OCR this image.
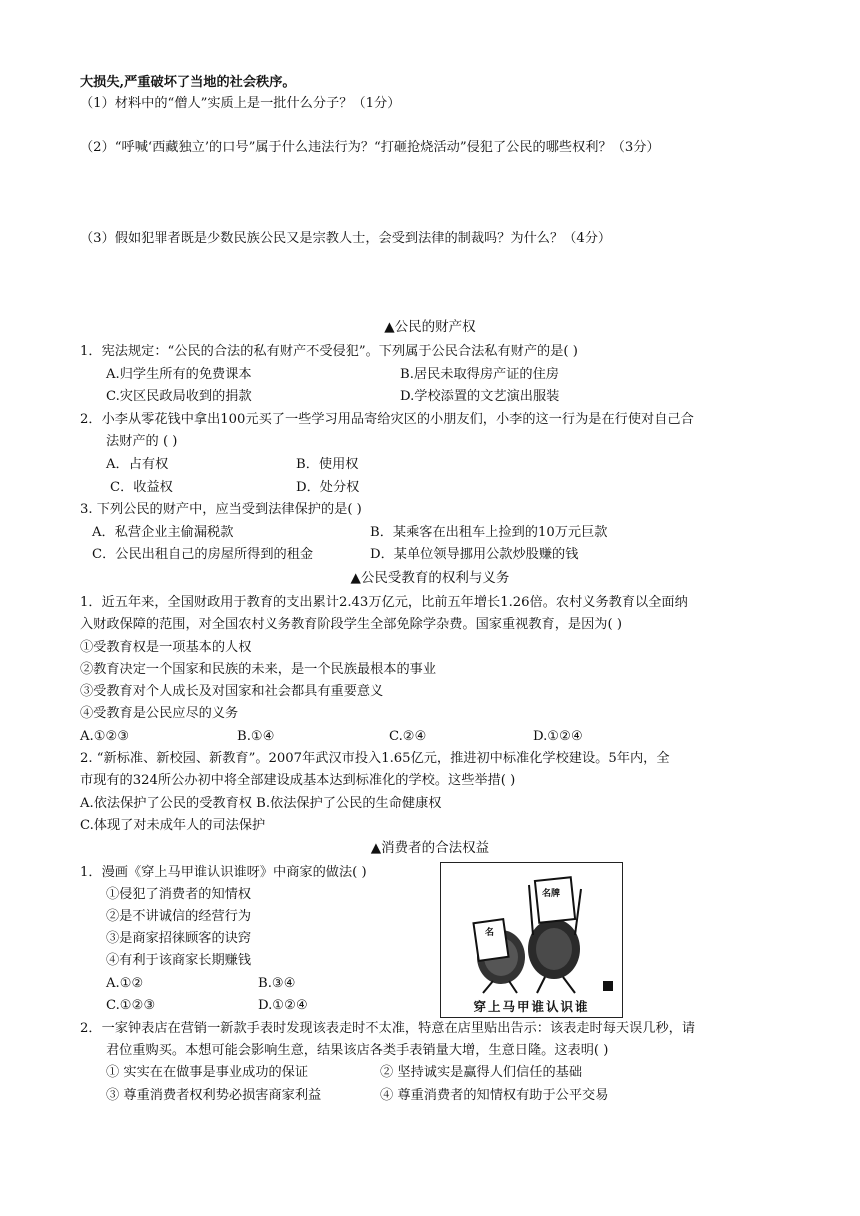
大损失,严重破坏了当地的社会秩序。
（1）材料中的“僧人”实质上是一批什么分子？（1分）
（2）“呼喊‘西藏独立’的口号”属于什么违法行为？“打砸抢烧活动”侵犯了公民的哪些权利？（3分）
（3）假如犯罪者既是少数民族公民又是宗教人士，会受到法律的制裁吗？为什么？（4分）
▲公民的财产权
1．宪法规定：“公民的合法的私有财产不受侵犯”。下列属于公民合法私有财产的是( )
A.归学生所有的免费课本	B.居民未取得房产证的住房
C.灾区民政局收到的捐款	D.学校添置的文艺演出服装
2．小李从零花钱中拿出100元买了一些学习用品寄给灾区的小朋友们，小李的这一行为是在行使对自己合
法财产的 ( )
A．占有权	B．使用权
C．收益权	D．处分权
3. 下列公民的财产中，应当受到法律保护的是( )
A．私营企业主偷漏税款	B．某乘客在出租车上捡到的10万元巨款
C．公民出租自己的房屋所得到的租金	D．某单位领导挪用公款炒股赚的钱
▲公民受教育的权利与义务
1．近五年来，全国财政用于教育的支出累计2.43万亿元，比前五年增长1.26倍。农村义务教育以全面纳
入财政保障的范围，对全国农村义务教育阶段学生全部免除学杂费。国家重视教育，是因为( )
①受教育权是一项基本的人权
②教育决定一个国家和民族的未来，是一个民族最根本的事业
③受教育对个人成长及对国家和社会都具有重要意义
④受教育是公民应尽的义务
A.①②③	B.①④	C.②④	D.①②④
2. “新标准、新校园、新教育”。2007年武汉市投入1.65亿元，推进初中标准化学校建设。5年内，全
市现有的324所公办初中将全部建设成基本达到标准化的学校。这些举措( )
A.依法保护了公民的受教育权 B.依法保护了公民的生命健康权
C.体现了对未成年人的司法保护
▲消费者的合法权益
1．漫画《穿上马甲谁认识谁呀》中商家的做法( )
①侵犯了消费者的知情权
②是不讲诚信的经营行为
③是商家招徕顾客的诀窍
④有利于该商家长期赚钱
A.①②	B.③④
C.①②③	D.①②④
名
名牌
穿上马甲谁认识谁
2．一家钟表店在营销一新款手表时发现该表走时不太准，特意在店里贴出告示：该表走时每天误几秒，请
君位重购买。本想可能会影响生意，结果该店各类手表销量大增，生意日隆。这表明( )
① 实实在在做事是事业成功的保证	② 坚持诚实是赢得人们信任的基础
③ 尊重消费者权利势必损害商家利益	④ 尊重消费者的知情权有助于公平交易
